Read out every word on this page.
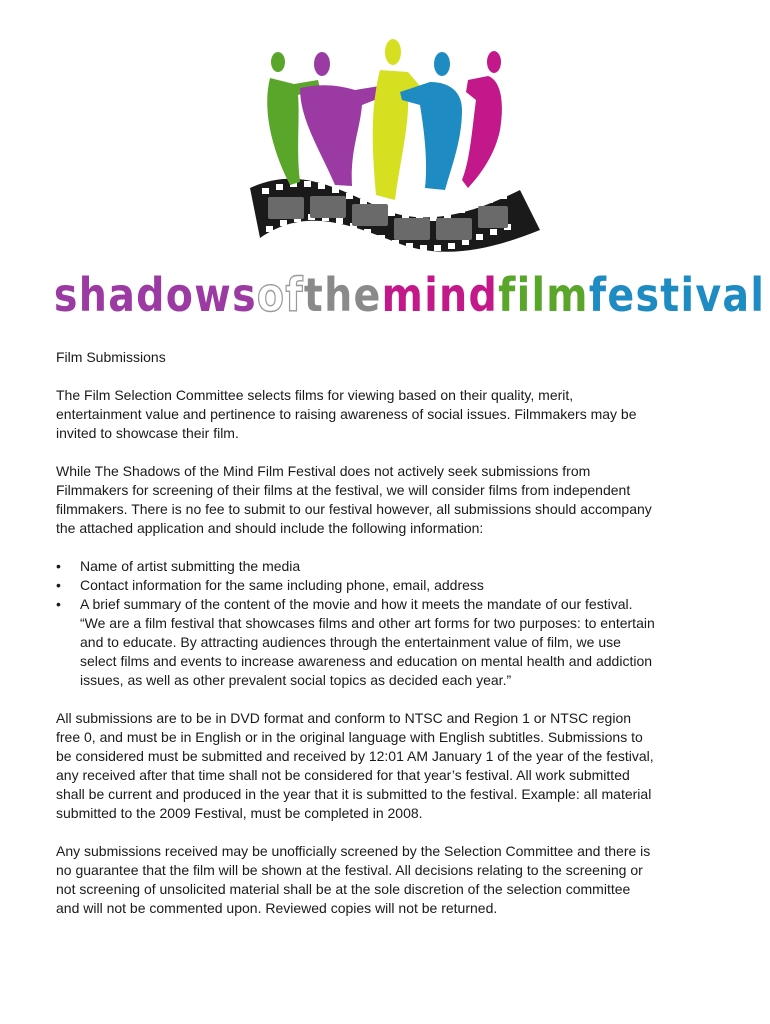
shadowsofthemindfilmfestival

Film Submissions

The Film Selection Committee selects films for viewing based on their quality, merit, entertainment value and pertinence to raising awareness of social issues. Filmmakers may be invited to showcase their film.

While The Shadows of the Mind Film Festival does not actively seek submissions from Filmmakers for screening of their films at the festival, we will consider films from independent filmmakers. There is no fee to submit to our festival however, all submissions should accompany the attached application and should include the following information:

• Name of artist submitting the media
• Contact information for the same including phone, email, address
• A brief summary of the content of the movie and how it meets the mandate of our festival. “We are a film festival that showcases films and other art forms for two purposes: to entertain and to educate. By attracting audiences through the entertainment value of film, we use select films and events to increase awareness and education on mental health and addiction issues, as well as other prevalent social topics as decided each year.”

All submissions are to be in DVD format and conform to NTSC and Region 1 or NTSC region free 0, and must be in English or in the original language with English subtitles. Submissions to be considered must be submitted and received by 12:01 AM January 1 of the year of the festival, any received after that time shall not be considered for that year’s festival. All work submitted shall be current and produced in the year that it is submitted to the festival. Example: all material submitted to the 2009 Festival, must be completed in 2008.

Any submissions received may be unofficially screened by the Selection Committee and there is no guarantee that the film will be shown at the festival. All decisions relating to the screening or not screening of unsolicited material shall be at the sole discretion of the selection committee and will not be commented upon. Reviewed copies will not be returned.
